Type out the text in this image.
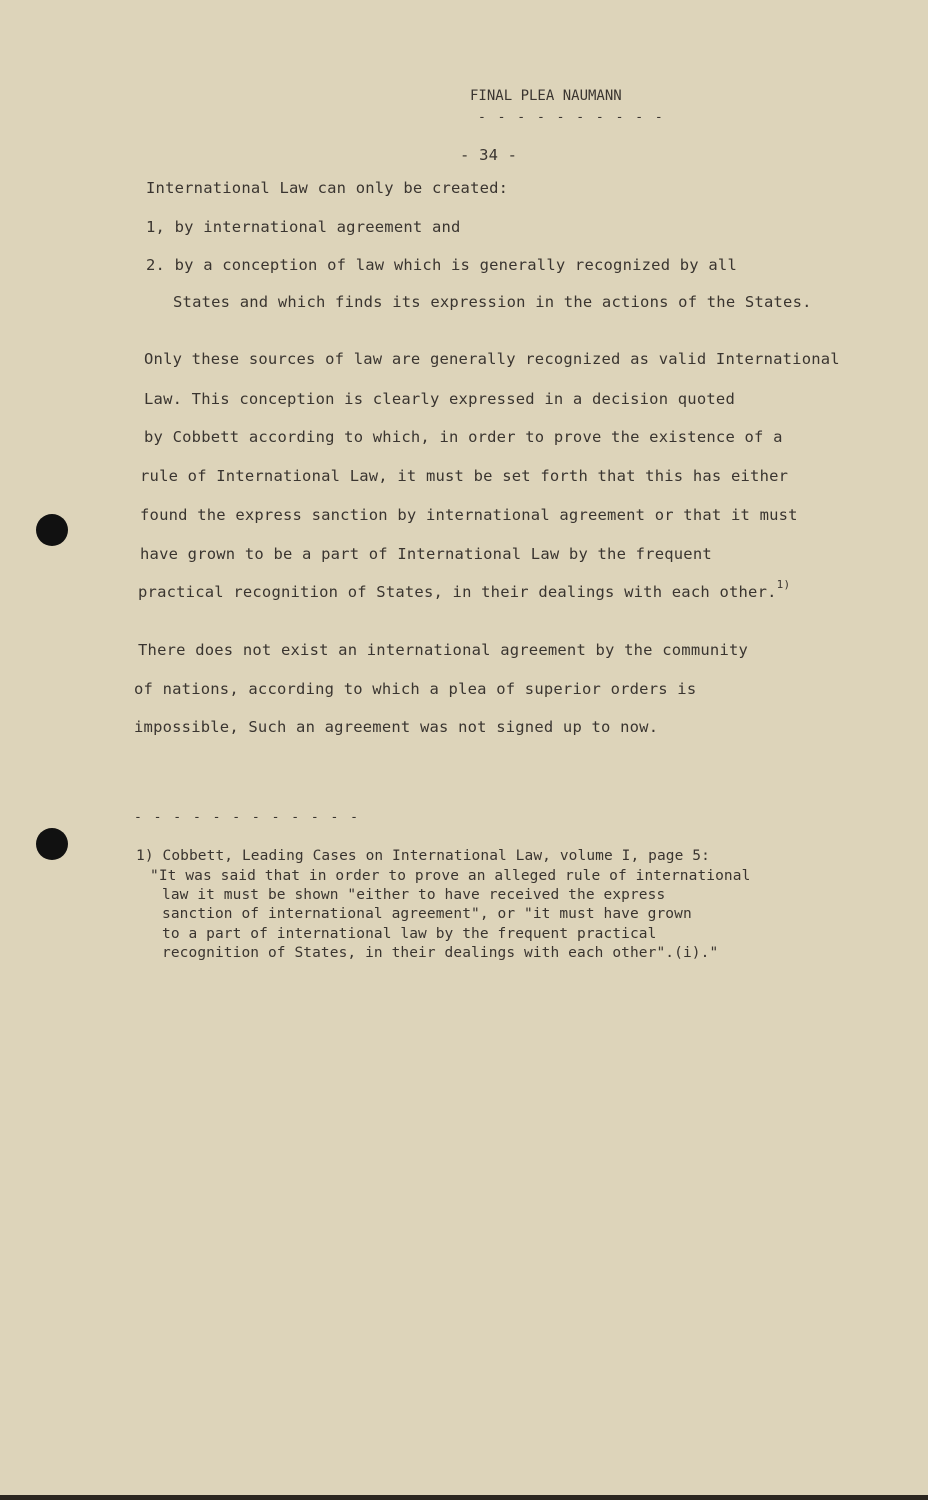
FINAL PLEA NAUMANN
- - - - - - - - - -
- 34 -
International Law can only be created:
1, by international agreement and
2. by a conception of law which is generally recognized by all
States and which finds its expression in the actions of the States.
Only these sources of law are generally recognized as valid International
Law. This conception is clearly expressed in a decision quoted
by Cobbett according to which, in order to prove the existence of a
rule of International Law, it must be set forth that this has either
found the express sanction by international agreement or that it must
have grown to be a part of International Law by the frequent
practical recognition of States, in their dealings with each other.$^{1)}$
There does not exist an international agreement by the community
of nations, according to which a plea of superior orders is
impossible, Such an agreement was not signed up to now.
- - - - - - - - - - - -
1) Cobbett, Leading Cases on International Law, volume I, page 5:
"It was said that in order to prove an alleged rule of international
law it must be shown "either to have received the express
sanction of international agreement", or "it must have grown
to a part of international law by the frequent practical
recognition of States, in their dealings with each other".(i)."
